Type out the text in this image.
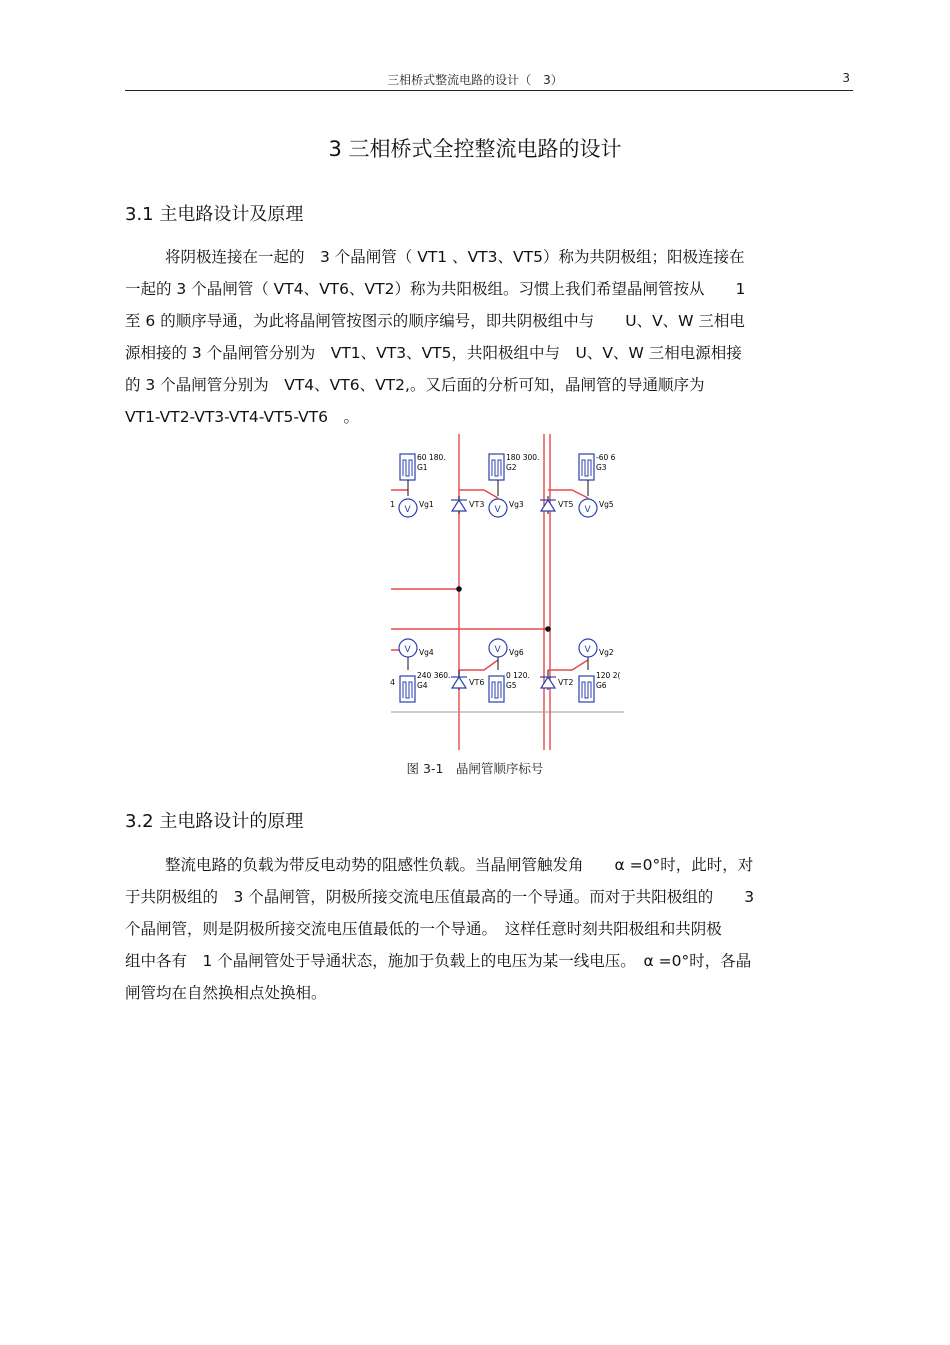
三相桥式整流电路的设计（　3）	3
3 三相桥式全控整流电路的设计
3.1 主电路设计及原理
将阴极连接在一起的　3 个晶闸管（ VT1 、VT3、VT5）称为共阴极组；阳极连接在
一起的 3 个晶闸管（ VT4、VT6、VT2）称为共阳极组。习惯上我们希望晶闸管按从　　1
至 6 的顺序导通，为此将晶闸管按图示的顺序编号，即共阴极组中与　　U、V、W 三相电
源相接的 3 个晶闸管分别为　VT1、VT3、VT5，共阳极组中与　U、V、W 三相电源相接
的 3 个晶闸管分别为　VT4、VT6、VT2,。又后面的分析可知，晶闸管的导通顺序为
VT1-VT2-VT3-VT4-VT5-VT6　。
VT3	VT5
VT6	VT2
1
4
60 180.
G1
180 300.
G2
-60 6
G3
V
Vg1
V
Vg3
V
Vg5
V Vg4	V Vg6	V Vg2
240 360.
G4
0 120.
G5
120 2(
G6
图 3-1　晶闸管顺序标号
3.2 主电路设计的原理
整流电路的负载为带反电动势的阻感性负载。当晶闸管触发角　　α =0°时，此时，对
于共阴极组的　3 个晶闸管，阴极所接交流电压值最高的一个导通。而对于共阳极组的　　3
个晶闸管，则是阴极所接交流电压值最低的一个导通。　这样任意时刻共阳极组和共阴极
组中各有　1 个晶闸管处于导通状态，施加于负载上的电压为某一线电压。　α =0°时，各晶
闸管均在自然换相点处换相。
